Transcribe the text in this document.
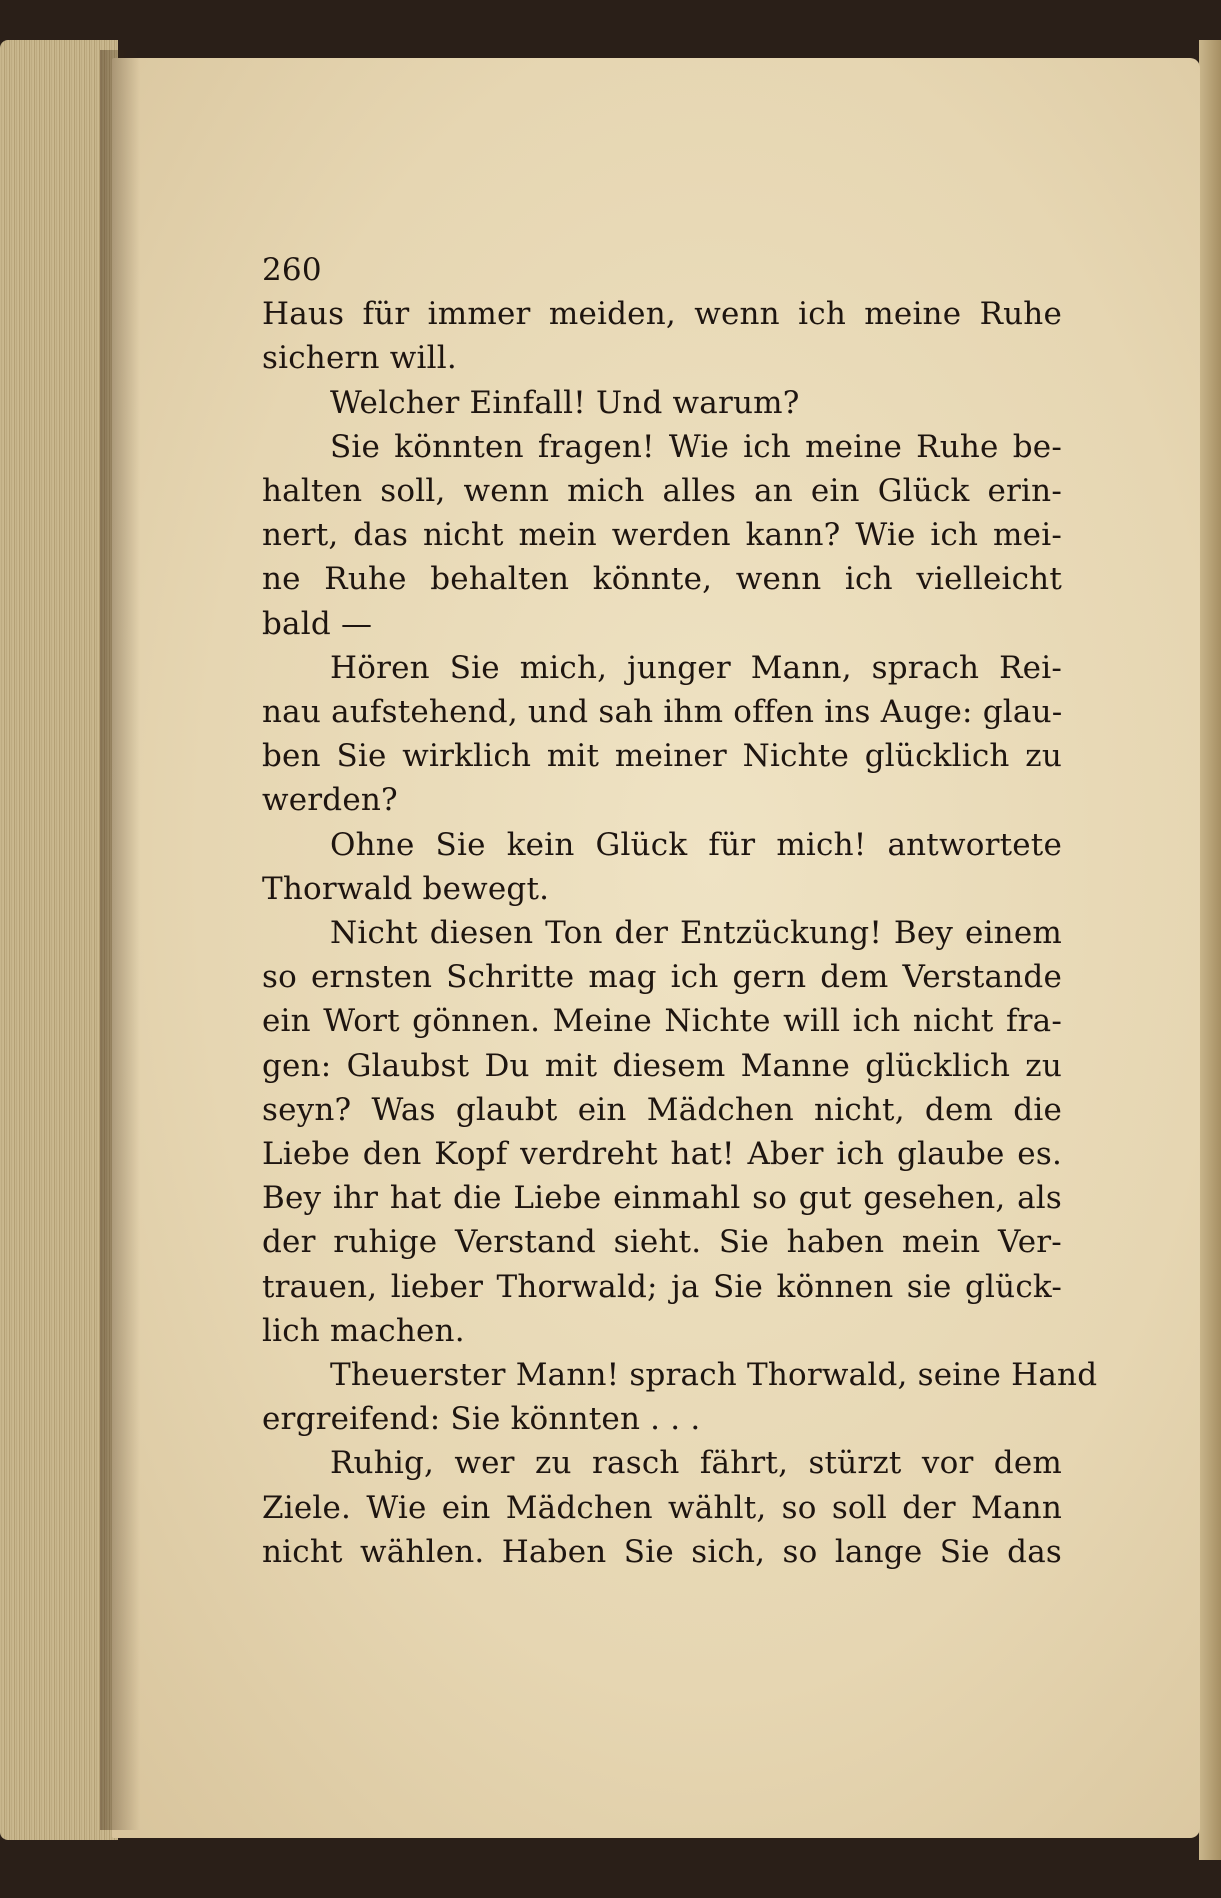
260
Haus für immer meiden, wenn ich meine Ruhe
sichern will.
Welcher Einfall! Und warum?
Sie könnten fragen! Wie ich meine Ruhe be-
halten soll, wenn mich alles an ein Glück erin-
nert, das nicht mein werden kann? Wie ich mei-
ne Ruhe behalten könnte, wenn ich vielleicht
bald —
Hören Sie mich, junger Mann, sprach Rei-
nau aufstehend, und sah ihm offen ins Auge: glau-
ben Sie wirklich mit meiner Nichte glücklich zu
werden?
Ohne Sie kein Glück für mich! antwortete
Thorwald bewegt.
Nicht diesen Ton der Entzückung! Bey einem
so ernsten Schritte mag ich gern dem Verstande
ein Wort gönnen. Meine Nichte will ich nicht fra-
gen: Glaubst Du mit diesem Manne glücklich zu
seyn? Was glaubt ein Mädchen nicht, dem die
Liebe den Kopf verdreht hat! Aber ich glaube es.
Bey ihr hat die Liebe einmahl so gut gesehen, als
der ruhige Verstand sieht. Sie haben mein Ver-
trauen, lieber Thorwald; ja Sie können sie glück-
lich machen.
Theuerster Mann! sprach Thorwald, seine Hand
ergreifend: Sie könnten . . .
Ruhig, wer zu rasch fährt, stürzt vor dem
Ziele. Wie ein Mädchen wählt, so soll der Mann
nicht wählen. Haben Sie sich, so lange Sie das
